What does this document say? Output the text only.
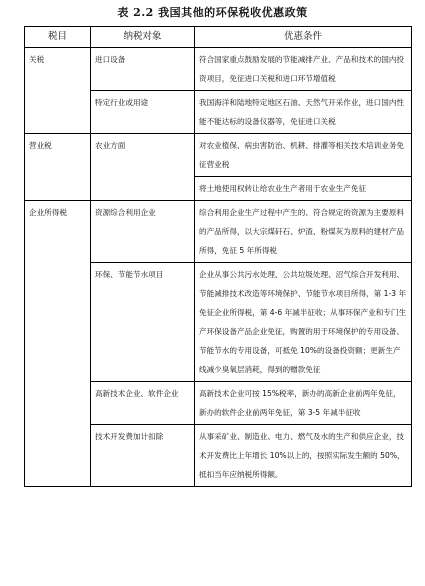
表 2.2 我国其他的环保税收优惠政策
税目	纳税对象	优惠条件
关税	进口设备	符合国家重点鼓励发展的节能减排产业、产品和技术的国内投资项目，免征进口关税和进口环节增值税
	特定行业或用途	我国海洋和陆地特定地区石油、天然气开采作业，进口国内性能不能达标的设备仪器等，免征进口关税
营业税	农业方面	对农业植保、病虫害防治、机耕、排灌等相关技术培训业务免征营业税
		将土地使用权转让给农业生产者用于农业生产免征
企业所得税	资源综合利用企业	综合利用企业生产过程中产生的、符合规定的资源为主要原料的产品所得，以大宗煤矸石、炉渣、粉煤灰为原料的建材产品所得，免征 5 年所得税
	环保、节能节水项目	企业从事公共污水处理、公共垃圾处理、沼气综合开发利用、节能减排技术改造等环境保护、节能节水项目所得，第 1-3 年免征企业所得税，第 4-6 年减半征收；从事环保产业和专门生产环保设备产品企业免征，购置的用于环境保护的专用设备、节能节水的专用设备，可抵免 10%的设备投资额；更新生产线减少臭氧层消耗，得到的赠款免征
	高新技术企业、软件企业	高新技术企业可按 15%税率，新办的高新企业前两年免征，新办的软件企业前两年免征，第 3-5 年减半征收
	技术开发费加计扣除	从事采矿业、制造业、电力、燃气及水的生产和供应企业，技术开发费比上年增长 10%以上的，按照实际发生额的 50%，抵扣当年应纳税所得额。
